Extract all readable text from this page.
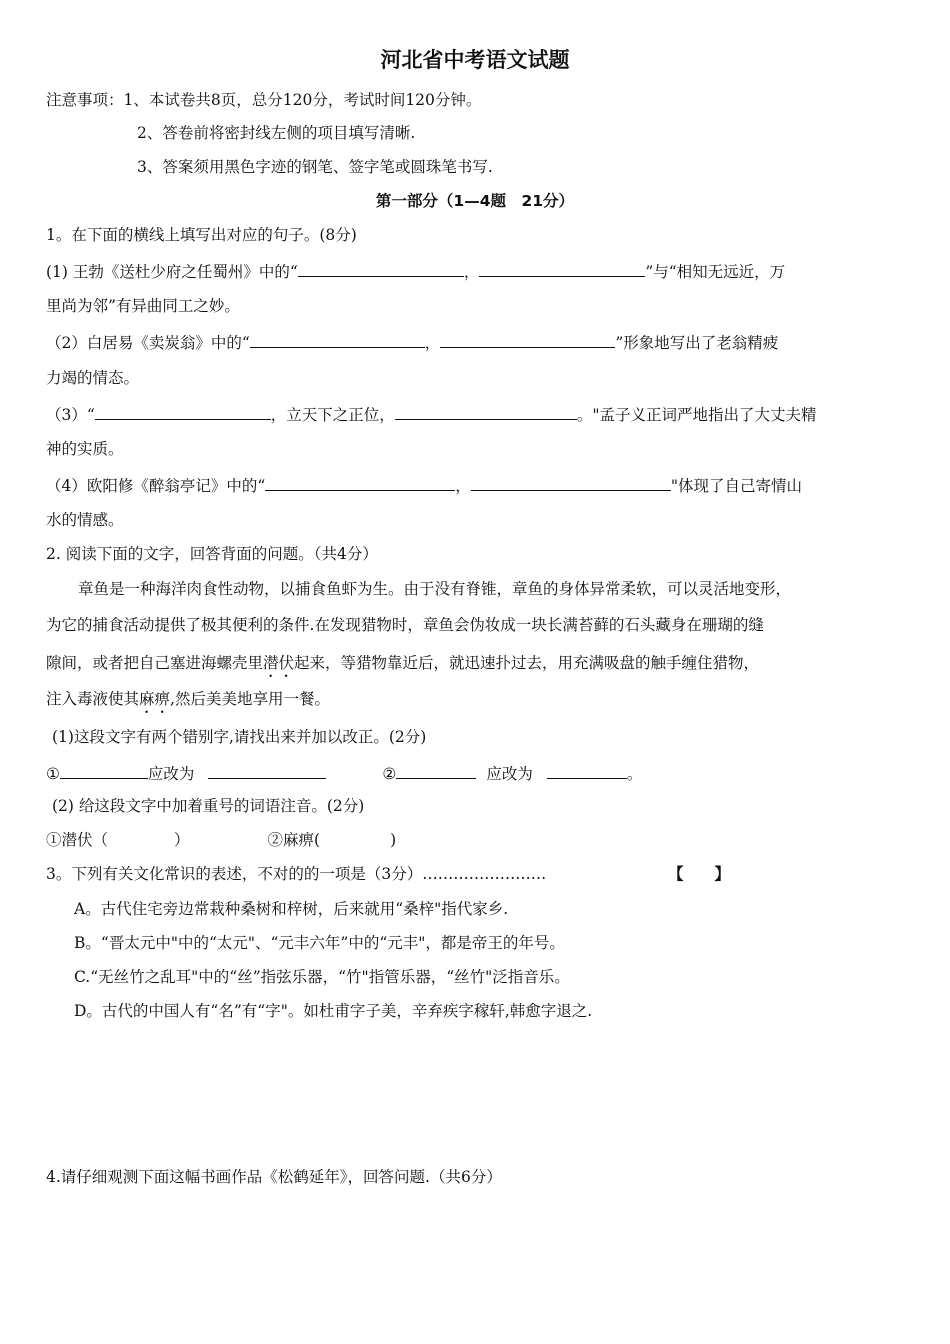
河北省中考语文试题
注意事项：1、本试卷共8页，总分120分，考试时间120分钟。
2、答卷前将密封线左侧的项目填写清晰.
3、答案须用黑色字迹的钢笔、签字笔或圆珠笔书写.
第一部分（1—4题　21分）
1。在下面的横线上填写出对应的句子。(8分)
(1) 王勃《送杜少府之任蜀州》中的“	，	”与“相知无远近，万
里尚为邻”有异曲同工之妙。
（2）白居易《卖炭翁》中的“	，	”形象地写出了老翁精疲
力竭的情态。
（3）“	，立天下之正位，	。"孟子义正词严地指出了大丈夫精
神的实质。
（4）欧阳修《醉翁亭记》中的“	，	"体现了自己寄情山
水的情感。
2. 阅读下面的文字，回答背面的问题。（共4分）
章鱼是一种海洋肉食性动物，以捕食鱼虾为生。由于没有脊锥，章鱼的身体异常柔软，可以灵活地变形，
为它的捕食活动提供了极其便利的条件.在发现猎物时，章鱼会伪妆成一块长满苔藓的石头藏身在珊瑚的缝
隙间，或者把自己塞进海螺壳里潜伏起来，等猎物靠近后，就迅速扑过去，用充满吸盘的触手缠住猎物，
注入毒液使其麻痹,然后美美地享用一餐。
(1)这段文字有两个错别字,请找出来并加以改正。(2分)
①	应改为	②	应改为	。
(2) 给这段文字中加着重号的词语注音。(2分)
①潜伏（	）	②麻痹(	)
3。下列有关文化常识的表述，不对的的一项是（3分）……………………	【　　】
A。古代住宅旁边常栽种桑树和梓树，后来就用“桑梓"指代家乡.
B。“晋太元中"中的“太元"、“元丰六年”中的“元丰"，都是帝王的年号。
C.“无丝竹之乱耳"中的“丝”指弦乐器，“竹"指管乐器，“丝竹"泛指音乐。
D。古代的中国人有“名”有“字"。如杜甫字子美，辛弃疾字稼轩,韩愈字退之.
4.请仔细观测下面这幅书画作品《松鹤延年》，回答问题.（共6分）
